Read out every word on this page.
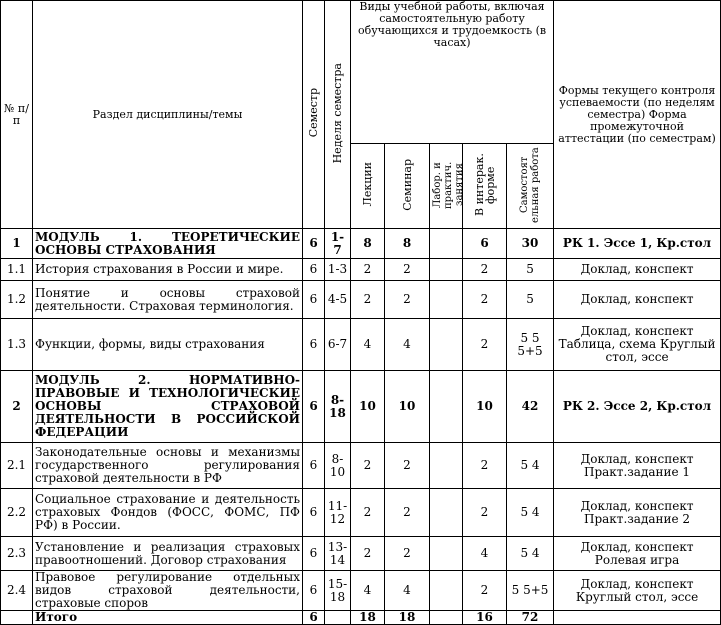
№ п/п	Раздел дисциплины/темы	Семестр	Неделя семестра	Виды учебной работы, включая самостоятельную работу обучающихся и трудоемкость (в часах)					Формы текущего контроля успеваемости (по неделям семестра) Форма промежуточной аттестации (по семестрам)
				Лекции	Семинар	Лабор. и практич. занятия	В интерак. форме	Самостоят ельная работа	
1	МОДУЛЬ 1. ТЕОРЕТИЧЕСКИЕ ОСНОВЫ СТРАХОВАНИЯ	6	1-7	8	8		6	30	РК 1. Эссе 1, Кр.стол
1.1	История страхования в России и мире.	6	1-3	2	2		2	5	Доклад, конспект
1.2	Понятие и основы страховой деятельности. Страховая терминология.	6	4-5	2	2		2	5	Доклад, конспект
1.3	Функции, формы, виды страхования	6	6-7	4	4		2	5 5 5+5	Доклад, конспект Таблица, схема Круглый стол, эссе
2	МОДУЛЬ 2. НОРМАТИВНО-ПРАВОВЫЕ И ТЕХНОЛОГИЧЕСКИЕ ОСНОВЫ СТРАХОВОЙ ДЕЯТЕЛЬНОСТИ В РОССИЙСКОЙ ФЕДЕРАЦИИ	6	8-18	10	10		10	42	РК 2. Эссе 2, Кр.стол
2.1	Законодательные основы и механизмы государственного регулирования страховой деятельности в РФ	6	8-10	2	2		2	5 4	Доклад, конспект Практ.задание 1
2.2	Социальное страхование и деятельность страховых Фондов (ФОСС, ФОМС, ПФ РФ) в России.	6	11-12	2	2		2	5 4	Доклад, конспект Практ.задание 2
2.3	Установление и реализация страховых правоотношений. Договор страхования	6	13-14	2	2		4	5 4	Доклад, конспект Ролевая игра
2.4	Правовое регулирование отдельных видов страховой деятельности, страховые споров	6	15-18	4	4		2	5 5+5	Доклад, конспект Круглый стол, эссе
	Итого	6		18	18		16	72	
